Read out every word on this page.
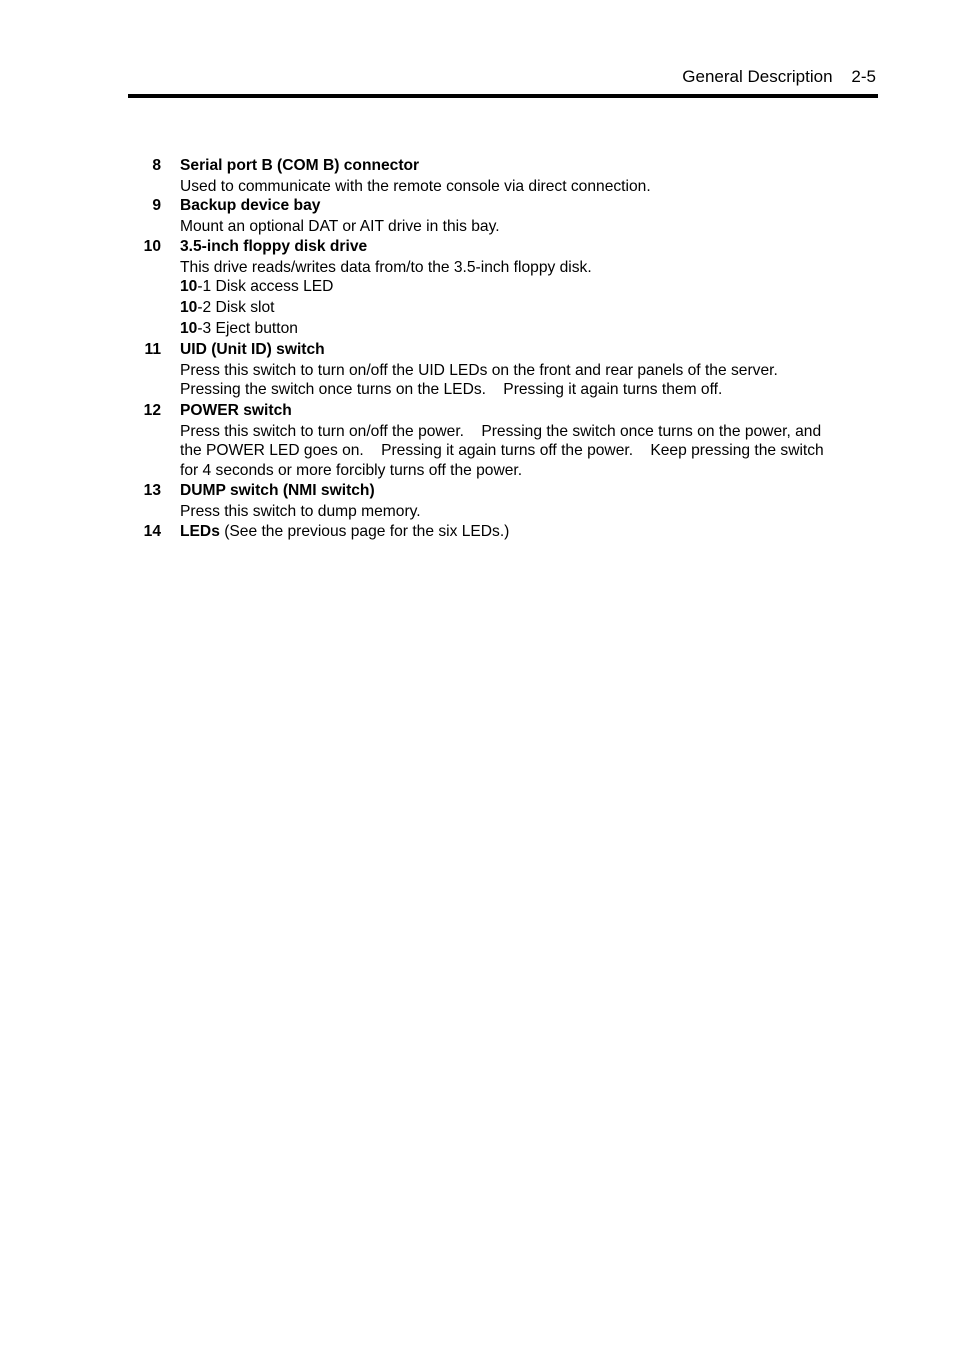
General Description    2-5
8 Serial port B (COM B) connector
Used to communicate with the remote console via direct connection.
9 Backup device bay
Mount an optional DAT or AIT drive in this bay.
10 3.5-inch floppy disk drive
This drive reads/writes data from/to the 3.5-inch floppy disk.
10-1 Disk access LED
10-2 Disk slot
10-3 Eject button
11 UID (Unit ID) switch
Press this switch to turn on/off the UID LEDs on the front and rear panels of the server.
Pressing the switch once turns on the LEDs.    Pressing it again turns them off.
12 POWER switch
Press this switch to turn on/off the power.    Pressing the switch once turns on the power, and
the POWER LED goes on.    Pressing it again turns off the power.    Keep pressing the switch
for 4 seconds or more forcibly turns off the power.
13 DUMP switch (NMI switch)
Press this switch to dump memory.
14 LEDs (See the previous page for the six LEDs.)
